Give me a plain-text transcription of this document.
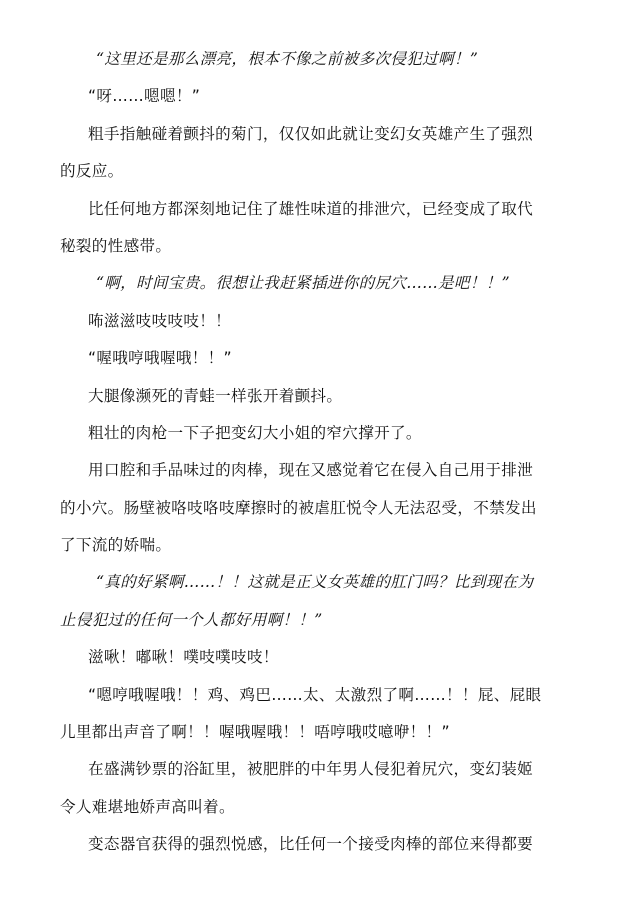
“这里还是那么漂亮，根本不像之前被多次侵犯过啊！”
“呀……嗯嗯！”
粗手指触碰着颤抖的菊门，仅仅如此就让变幻女英雄产生了强烈
的反应。
比任何地方都深刻地记住了雄性味道的排泄穴，已经变成了取代
秘裂的性感带。
“啊，时间宝贵。很想让我赶紧插进你的尻穴……是吧！！”
咘滋滋吱吱吱吱！！
“喔哦哼哦喔哦！！”
大腿像濒死的青蛙一样张开着颤抖。
粗壮的肉枪一下子把变幻大小姐的窄穴撑开了。
用口腔和手品味过的肉棒，现在又感觉着它在侵入自己用于排泄
的小穴。肠壁被咯吱咯吱摩擦时的被虐肛悦令人无法忍受，不禁发出
了下流的娇喘。
“真的好紧啊……！！这就是正义女英雄的肛门吗？比到现在为
止侵犯过的任何一个人都好用啊！！”
滋啾！嘟啾！噗吱噗吱吱！
“嗯哼哦喔哦！！鸡、鸡巴……太、太激烈了啊……！！屁、屁眼
儿里都出声音了啊！！喔哦喔哦！！唔哼哦哎噫咿！！”
在盛满钞票的浴缸里，被肥胖的中年男人侵犯着尻穴，变幻装姬
令人难堪地娇声高叫着。
变态器官获得的强烈悦感，比任何一个接受肉棒的部位来得都要
